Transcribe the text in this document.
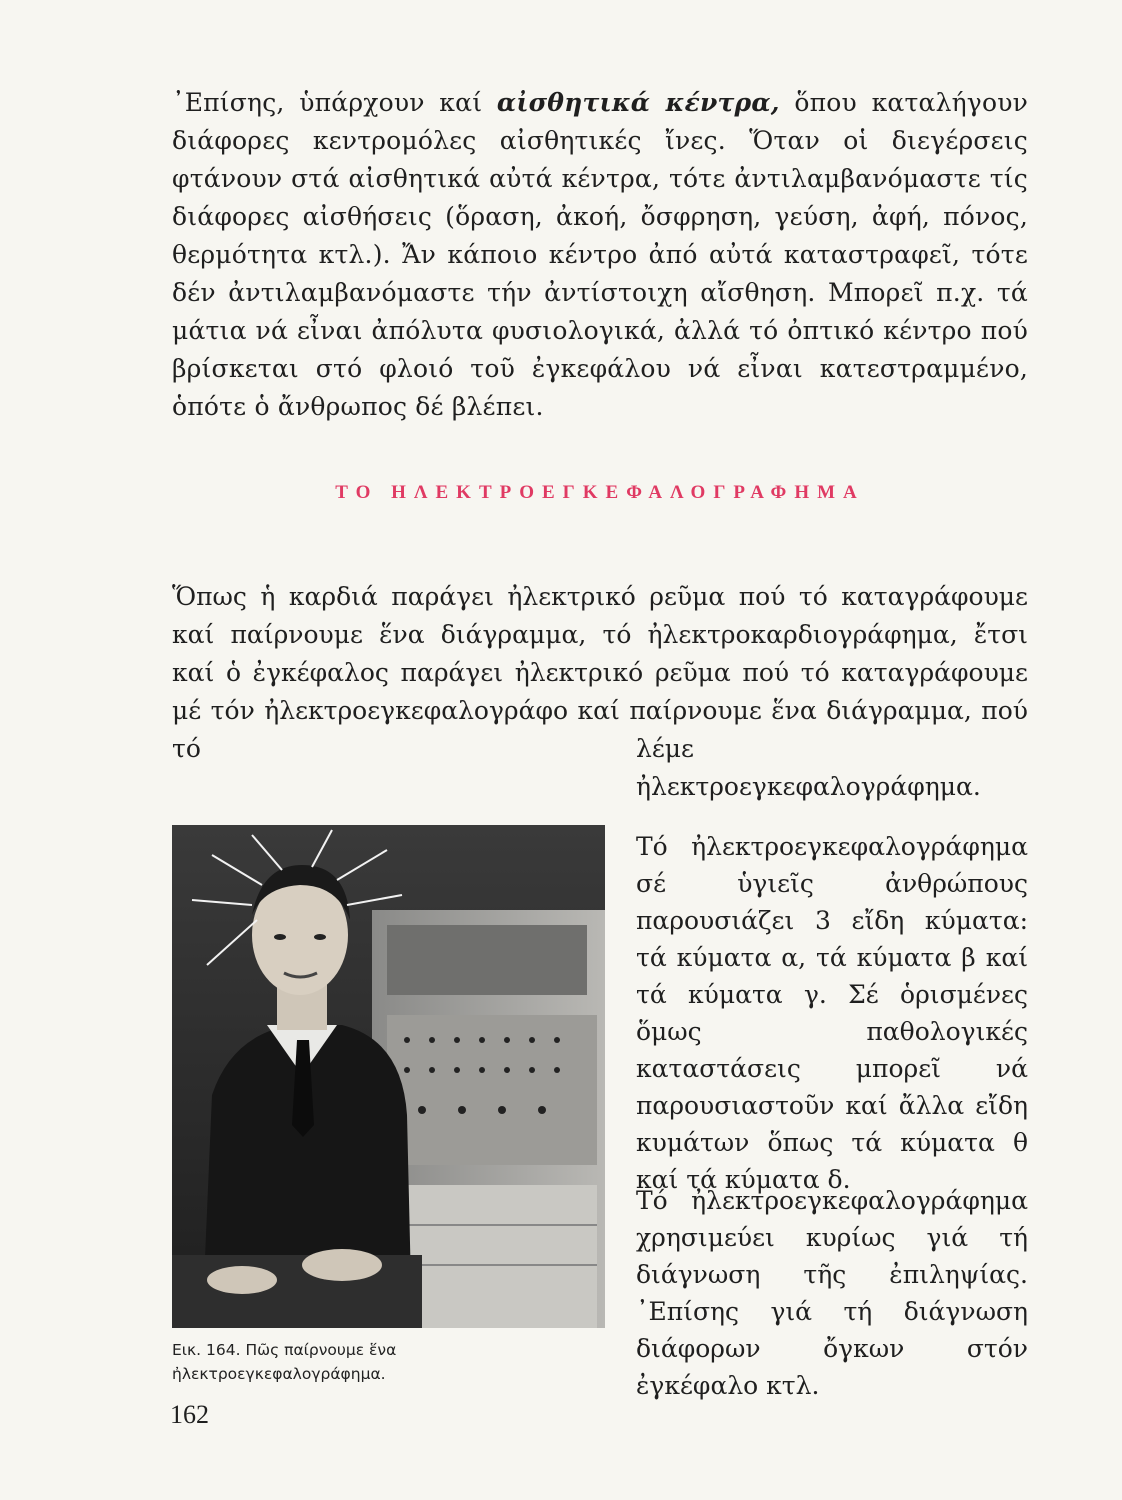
᾿Επίσης, ὑπάρχουν καί αἰσθητικά κέντρα, ὅπου καταλήγουν διάφορες κεντρομόλες αἰσθητικές ἴνες. Ὅταν οἱ διεγέρσεις φτάνουν στά αἰσθητικά αὐτά κέντρα, τότε ἀντιλαμβανόμαστε τίς διάφορες αἰσθήσεις (ὅραση, ἀκοή, ὄσφρηση, γεύση, ἀφή, πόνος, θερμότητα κτλ.). Ἄν κάποιο κέντρο ἀπό αὐτά καταστραφεῖ, τότε δέν ἀντιλαμβανόμαστε τήν ἀντίστοιχη αἴσθηση. Μπορεῖ π.χ. τά μάτια νά εἶναι ἀπόλυτα φυσιολογικά, ἀλλά τό ὀπτικό κέντρο πού βρίσκεται στό φλοιό τοῦ ἐγκεφάλου νά εἶναι κατεστραμμένο, ὁπότε ὁ ἄνθρωπος δέ βλέπει.

ΤΟ ΗΛΕΚΤΡΟΕΓΚΕΦΑΛΟΓΡΑΦΗΜΑ

Ὅπως ἡ καρδιά παράγει ἠλεκτρικό ρεῦμα πού τό καταγράφουμε καί παίρνουμε ἕνα διάγραμμα, τό ἠλεκτροκαρδιογράφημα, ἔτσι καί ὁ ἐγκέφαλος παράγει ἠλεκτρικό ρεῦμα πού τό καταγράφουμε μέ τόν ἠλεκτροεγκεφαλογράφο καί παίρνουμε ἕνα διάγραμμα, πού τό	λέμε ἠλεκτροεγκεφαλογράφημα.

Εικ. 164. Πῶς παίρνουμε ἕνα ἠλεκτροεγκεφαλογράφημα.

Τό ἠλεκτροεγκεφαλογράφημα σέ ὑγιεῖς ἀνθρώπους παρουσιάζει 3 εἴδη κύματα: τά κύματα α, τά κύματα β καί τά κύματα γ. Σέ ὁρισμένες ὅμως παθολογικές καταστάσεις μπορεῖ νά παρουσιαστοῦν καί ἄλλα εἴδη κυμάτων ὅπως τά κύματα θ καί τά κύματα δ.

Τό ἠλεκτροεγκεφαλογράφημα χρησιμεύει κυρίως γιά τή διάγνωση τῆς ἐπιληψίας. ᾿Επίσης γιά τή διάγνωση διάφορων ὄγκων στόν ἐγκέφαλο κτλ.

162
